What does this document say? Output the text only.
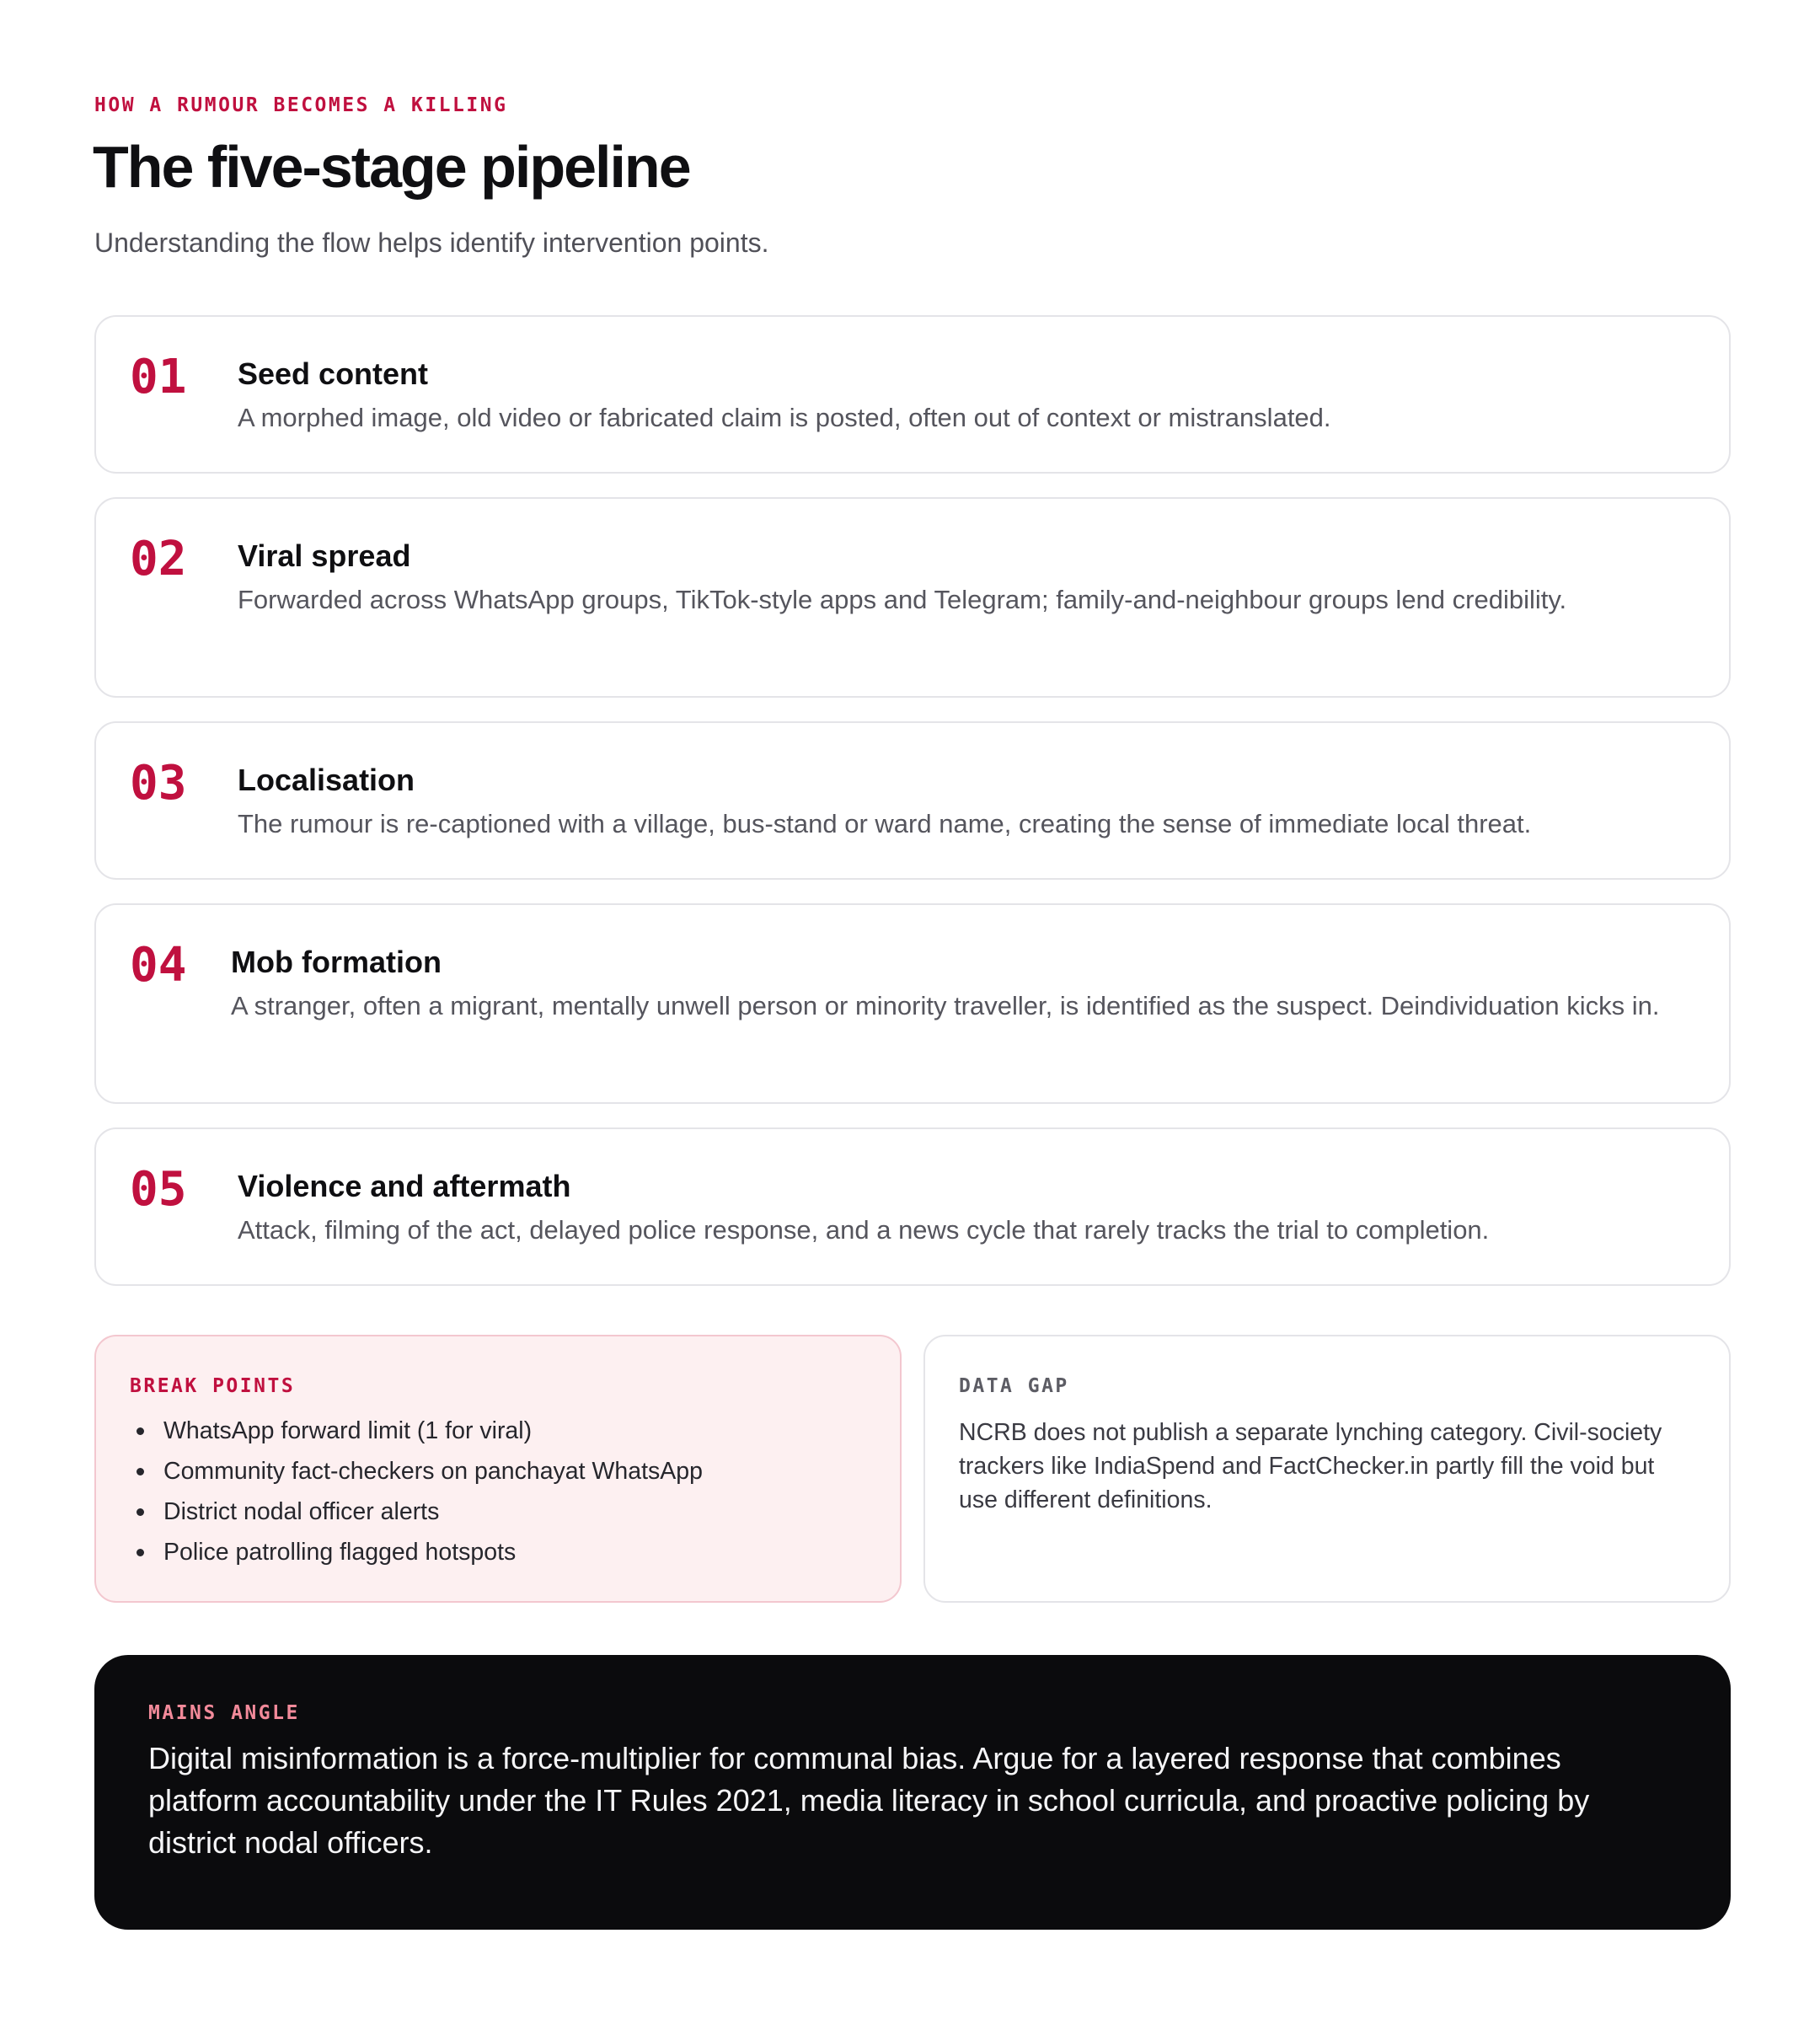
HOW A RUMOUR BECOMES A KILLING
The five-stage pipeline

Understanding the flow helps identify intervention points.

01 Seed content
A morphed image, old video or fabricated claim is posted, often out of context or mistranslated.
02 Viral spread
Forwarded across WhatsApp groups, TikTok-style apps and Telegram; family-and-neighbour groups lend credibility.
03 Localisation
The rumour is re-captioned with a village, bus-stand or ward name, creating the sense of immediate local threat.
04 Mob formation
A stranger, often a migrant, mentally unwell person or minority traveller, is identified as the suspect. Deindividuation kicks in.
05 Violence and aftermath
Attack, filming of the act, delayed police response, and a news cycle that rarely tracks the trial to completion.
BREAK POINTS
WhatsApp forward limit (1 for viral)
Community fact-checkers on panchayat WhatsApp
District nodal officer alerts
Police patrolling flagged hotspots
DATA GAP

NCRB does not publish a separate lynching category. Civil-society trackers like IndiaSpend and FactChecker.in partly fill the void but use different definitions.

MAINS ANGLE

Digital misinformation is a force-multiplier for communal bias. Argue for a layered response that combines platform accountability under the IT Rules 2021, media literacy in school curricula, and proactive policing by district nodal officers.
